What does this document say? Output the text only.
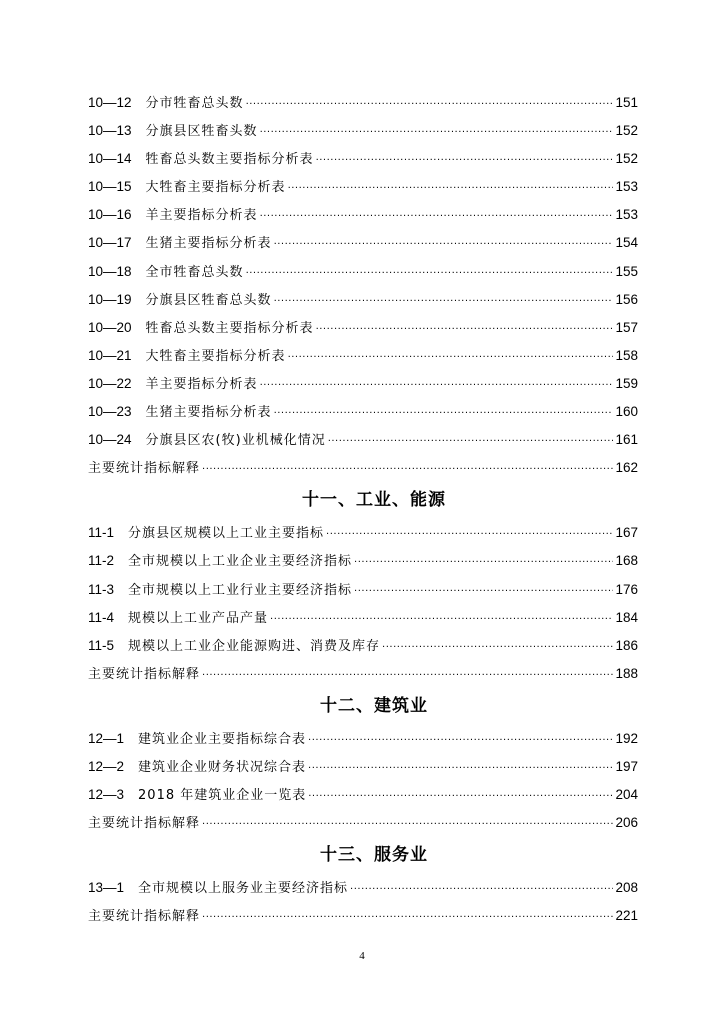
10—12 分市牲畜总头数 ·····	151
10—13 分旗县区牲畜头数 ·····	152
10—14 牲畜总头数主要指标分析表 ·····	152
10—15 大牲畜主要指标分析表 ·····	153
10—16 羊主要指标分析表 ·····	153
10—17 生猪主要指标分析表 ·····	154
10—18 全市牲畜总头数 ·····	155
10—19 分旗县区牲畜总头数 ·····	156
10—20 牲畜总头数主要指标分析表 ·····	157
10—21 大牲畜主要指标分析表 ·····	158
10—22 羊主要指标分析表 ·····	159
10—23 生猪主要指标分析表 ·····	160
10—24 分旗县区农(牧)业机械化情况 ·····	161
主要统计指标解释 ·····	162
十一、工业、能源
11-1 分旗县区规模以上工业主要指标 ·····	167
11-2 全市规模以上工业企业主要经济指标 ·····	168
11-3 全市规模以上工业行业主要经济指标 ·····	176
11-4 规模以上工业产品产量 ·····	184
11-5 规模以上工业企业能源购进、消费及库存 ·····	186
主要统计指标解释 ·····	188
十二、建筑业
12—1 建筑业企业主要指标综合表 ·····	192
12—2 建筑业企业财务状况综合表 ·····	197
12—3 2018 年建筑业企业一览表 ·····	204
主要统计指标解释 ·····	206
十三、服务业
13—1 全市规模以上服务业主要经济指标 ·····	208
主要统计指标解释 ·····	221
4
